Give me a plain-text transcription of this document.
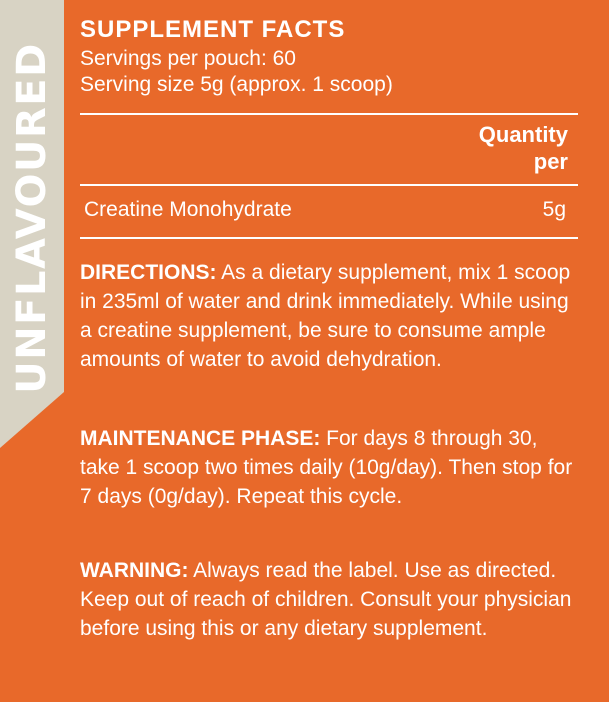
UNFLAVOURED
SUPPLEMENT FACTS
Servings per pouch: 60
Serving size 5g (approx. 1 scoop)
Quantity
per
Creatine Monohydrate	5g

DIRECTIONS: As a dietary supplement, mix 1 scoop in 235ml of water and drink immediately. While using a creatine supplement, be sure to consume ample amounts of water to avoid dehydration.

MAINTENANCE PHASE: For days 8 through 30, take 1 scoop two times daily (10g/day). Then stop for 7 days (0g/day). Repeat this cycle.

WARNING: Always read the label. Use as directed. Keep out of reach of children. Consult your physician before using this or any dietary supplement.
